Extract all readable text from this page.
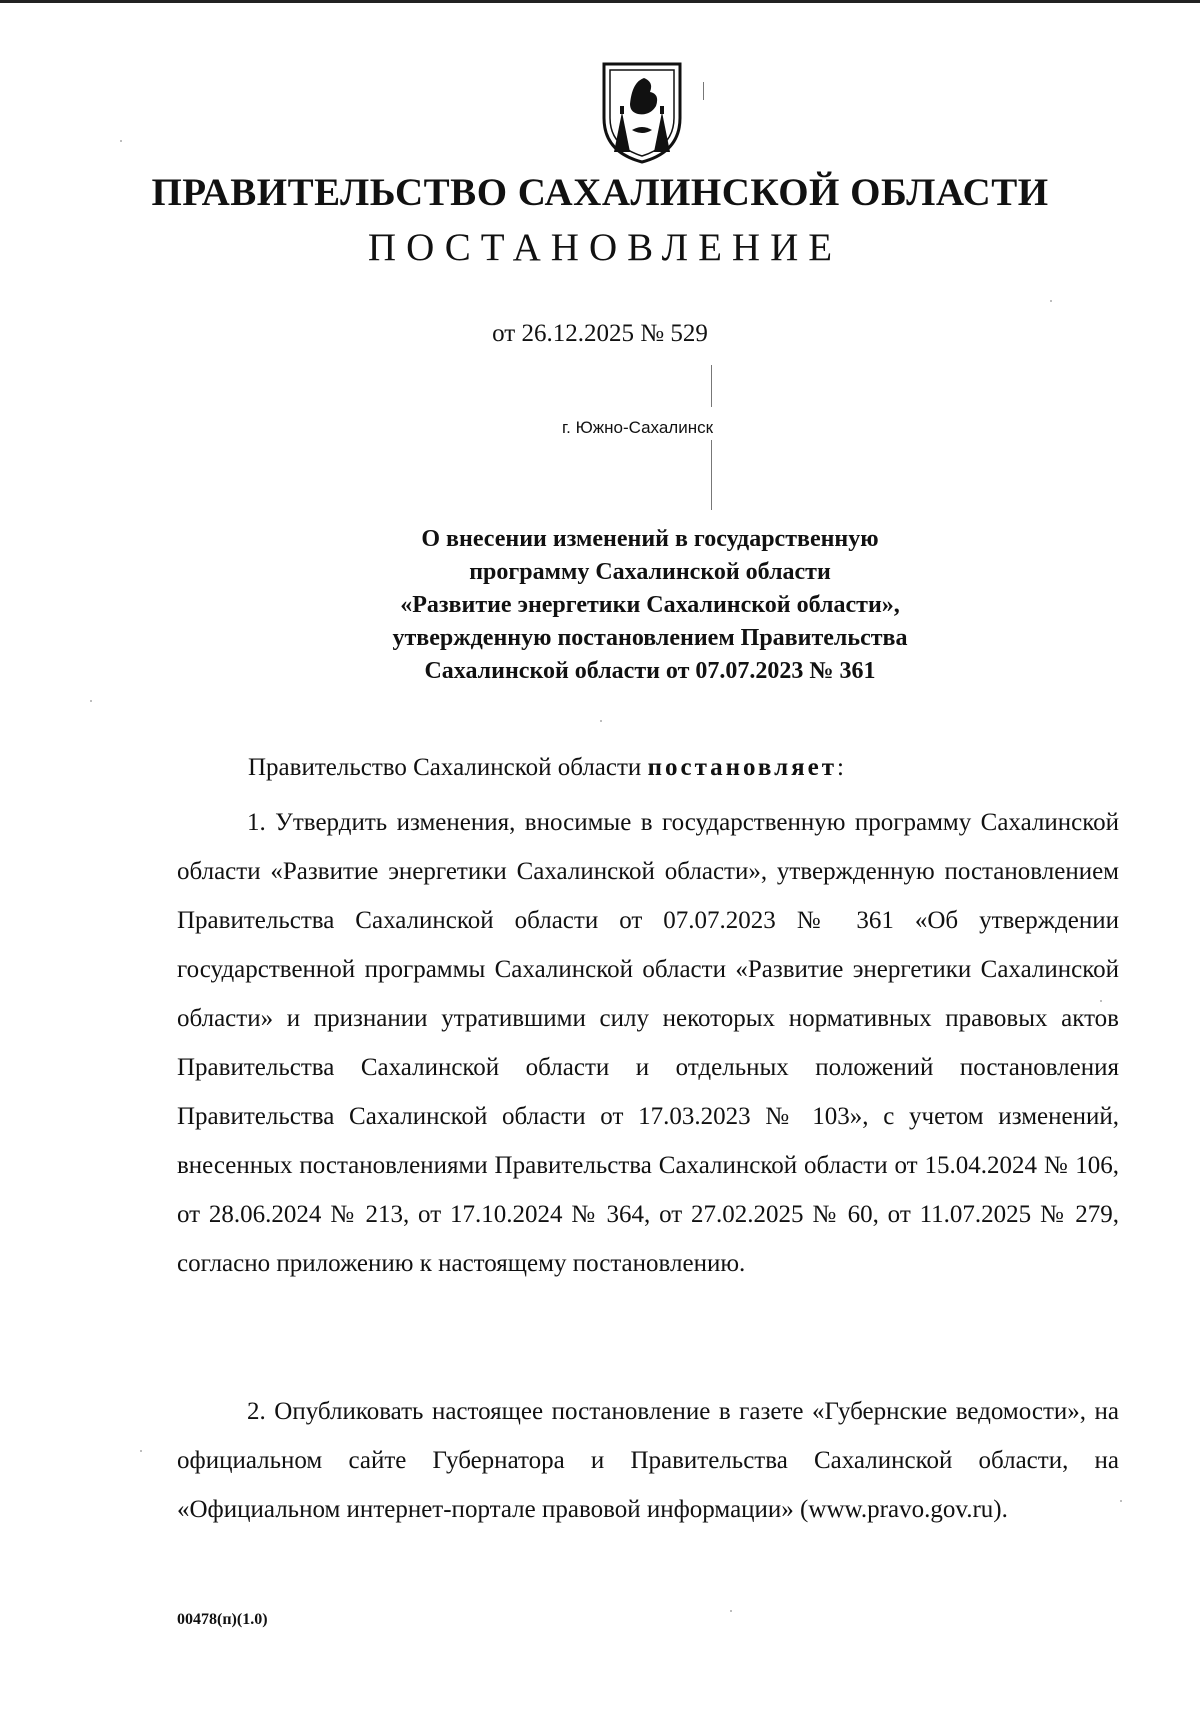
ПРАВИТЕЛЬСТВО САХАЛИНСКОЙ ОБЛАСТИ
ПОСТАНОВЛЕНИЕ
от 26.12.2025 № 529
г. Южно-Сахалинск
О внесении изменений в государственную
программу Сахалинской области
«Развитие энергетики Сахалинской области»,
утвержденную постановлением Правительства
Сахалинской области от 07.07.2023 № 361
Правительство Сахалинской области постановляет:
1. Утвердить изменения, вносимые в государственную программу Сахалинской области «Развитие энергетики Сахалинской области», утвержденную постановлением Правительства Сахалинской области от 07.07.2023 № 361 «Об утверждении государственной программы Сахалинской области «Развитие энергетики Сахалинской области» и признании утратившими силу некоторых нормативных правовых актов Правительства Сахалинской области и отдельных положений постановления Правительства Сахалинской области от 17.03.2023 № 103», с учетом изменений, внесенных постановлениями Правительства Сахалинской области от 15.04.2024 № 106, от 28.06.2024 № 213, от 17.10.2024 № 364, от 27.02.2025 № 60, от 11.07.2025 № 279, согласно приложению к настоящему постановлению.
2. Опубликовать настоящее постановление в газете «Губернские ведомости», на официальном сайте Губернатора и Правительства Сахалинской области, на «Официальном интернет-портале правовой информации» (www.pravo.gov.ru).
00478(п)(1.0)
